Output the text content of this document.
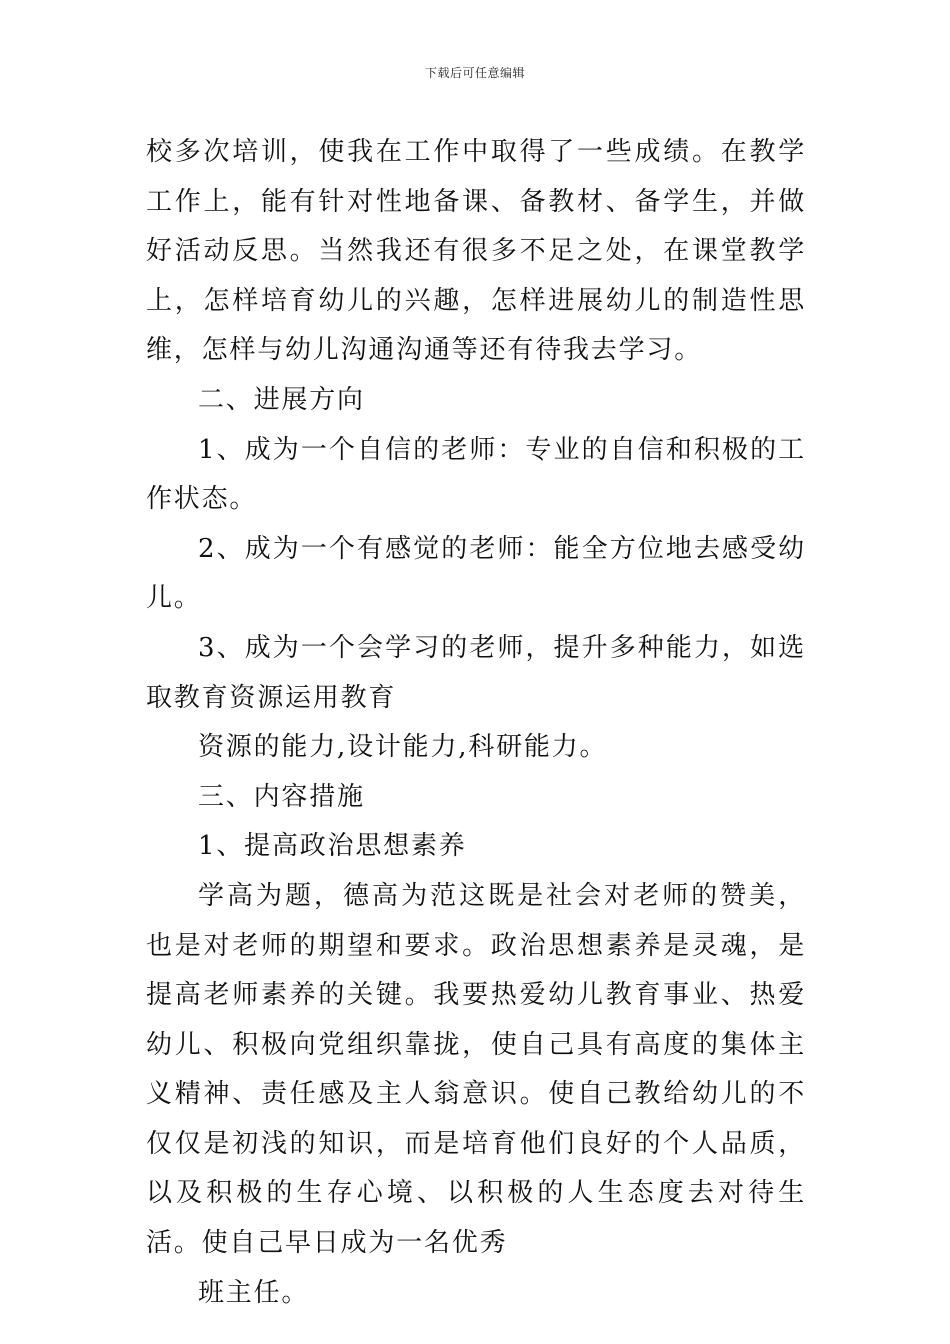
下载后可任意编辑

校多次培训，使我在工作中取得了一些成绩。在教学工作上，能有针对性地备课、备教材、备学生，并做好活动反思。当然我还有很多不足之处，在课堂教学上，怎样培育幼儿的兴趣，怎样进展幼儿的制造性思维，怎样与幼儿沟通沟通等还有待我去学习。

二、进展方向

1、成为一个自信的老师：专业的自信和积极的工作状态。

2、成为一个有感觉的老师：能全方位地去感受幼儿。

3、成为一个会学习的老师，提升多种能力，如选取教育资源运用教育

资源的能力,设计能力,科研能力。

三、内容措施

1、提高政治思想素养

学高为题，德高为范这既是社会对老师的赞美，也是对老师的期望和要求。政治思想素养是灵魂，是提高老师素养的关键。我要热爱幼儿教育事业、热爱幼儿、积极向党组织靠拢，使自己具有高度的集体主义精神、责任感及主人翁意识。使自己教给幼儿的不仅仅是初浅的知识，而是培育他们良好的个人品质，以及积极的生存心境、以积极的人生态度去对待生活。使自己早日成为一名优秀

班主任。
